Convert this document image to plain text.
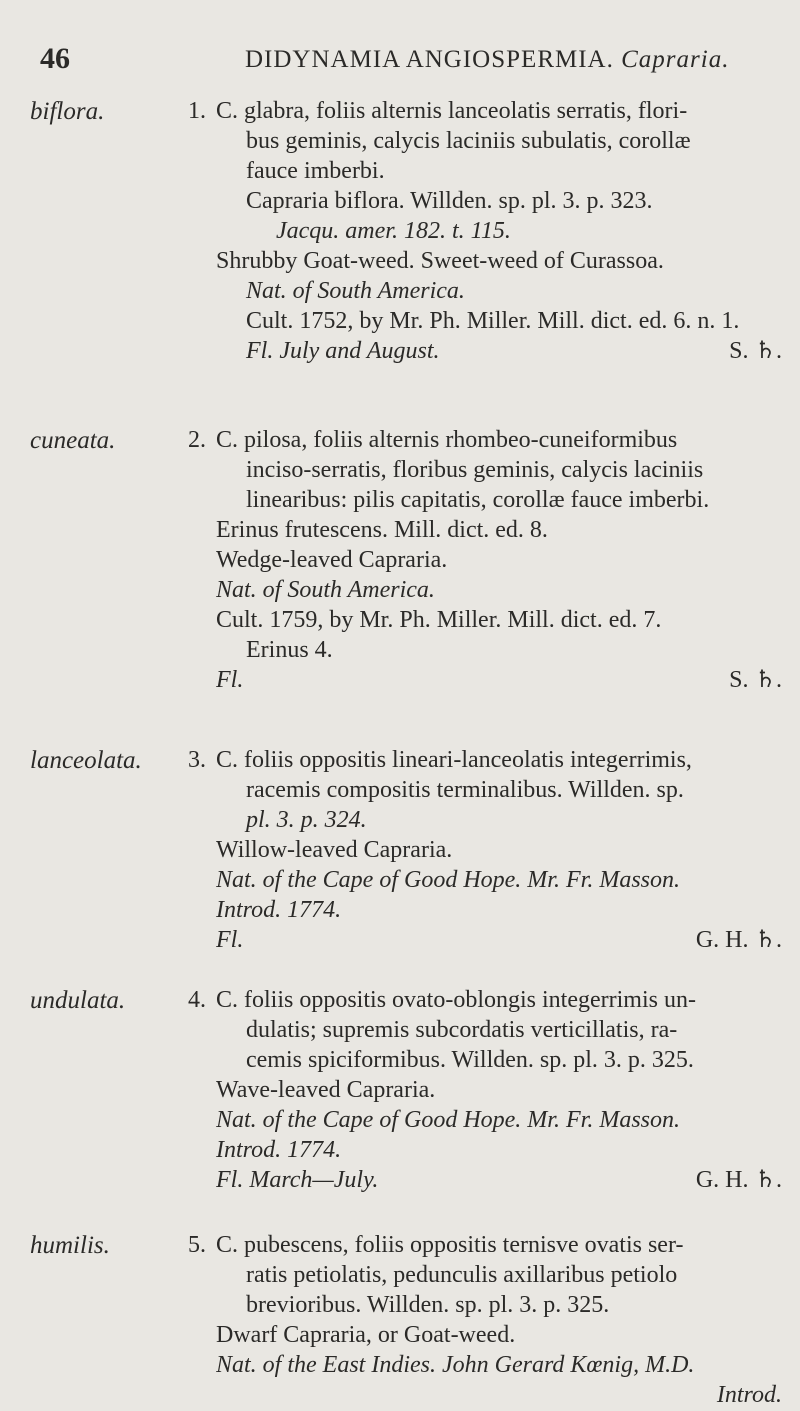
46	DIDYNAMIA ANGIOSPERMIA. Capraria.
biflora.	1. C. glabra, foliis alternis lanceolatis serratis, flori-

bus geminis, calycis laciniis subulatis, corollæ

fauce imberbi.

Capraria biflora. Willden. sp. pl. 3. p. 323.

Jacqu. amer. 182. t. 115.

Shrubby Goat-weed. Sweet-weed of Curassoa.

Nat. of South America.

Cult. 1752, by Mr. Ph. Miller. Mill. dict. ed. 6. n. 1.

Fl. July and August.	S. ♄.

cuneata.	2. C. pilosa, foliis alternis rhombeo-cuneiformibus

inciso-serratis, floribus geminis, calycis laciniis

linearibus: pilis capitatis, corollæ fauce imberbi.

Erinus frutescens. Mill. dict. ed. 8.

Wedge-leaved Capraria.

Nat. of South America.

Cult. 1759, by Mr. Ph. Miller. Mill. dict. ed. 7.

Erinus 4.

Fl.	S. ♄.

lanceolata. 3. C. foliis oppositis lineari-lanceolatis integerrimis,

racemis compositis terminalibus. Willden. sp.

pl. 3. p. 324.

Willow-leaved Capraria.

Nat. of the Cape of Good Hope. Mr. Fr. Masson.

Introd. 1774.

Fl.	G. H. ♄.

undulata.	4. C. foliis oppositis ovato-oblongis integerrimis un-

dulatis; supremis subcordatis verticillatis, ra-

cemis spiciformibus. Willden. sp. pl. 3. p. 325.

Wave-leaved Capraria.

Nat. of the Cape of Good Hope. Mr. Fr. Masson.

Introd. 1774.

Fl. March—July.	G. H. ♄.

humilis.	5. C. pubescens, foliis oppositis ternisve ovatis ser-

ratis petiolatis, pedunculis axillaribus petiolo

brevioribus. Willden. sp. pl. 3. p. 325.

Dwarf Capraria, or Goat-weed.

Nat. of the East Indies. John Gerard Kœnig, M.D.

Introd.
